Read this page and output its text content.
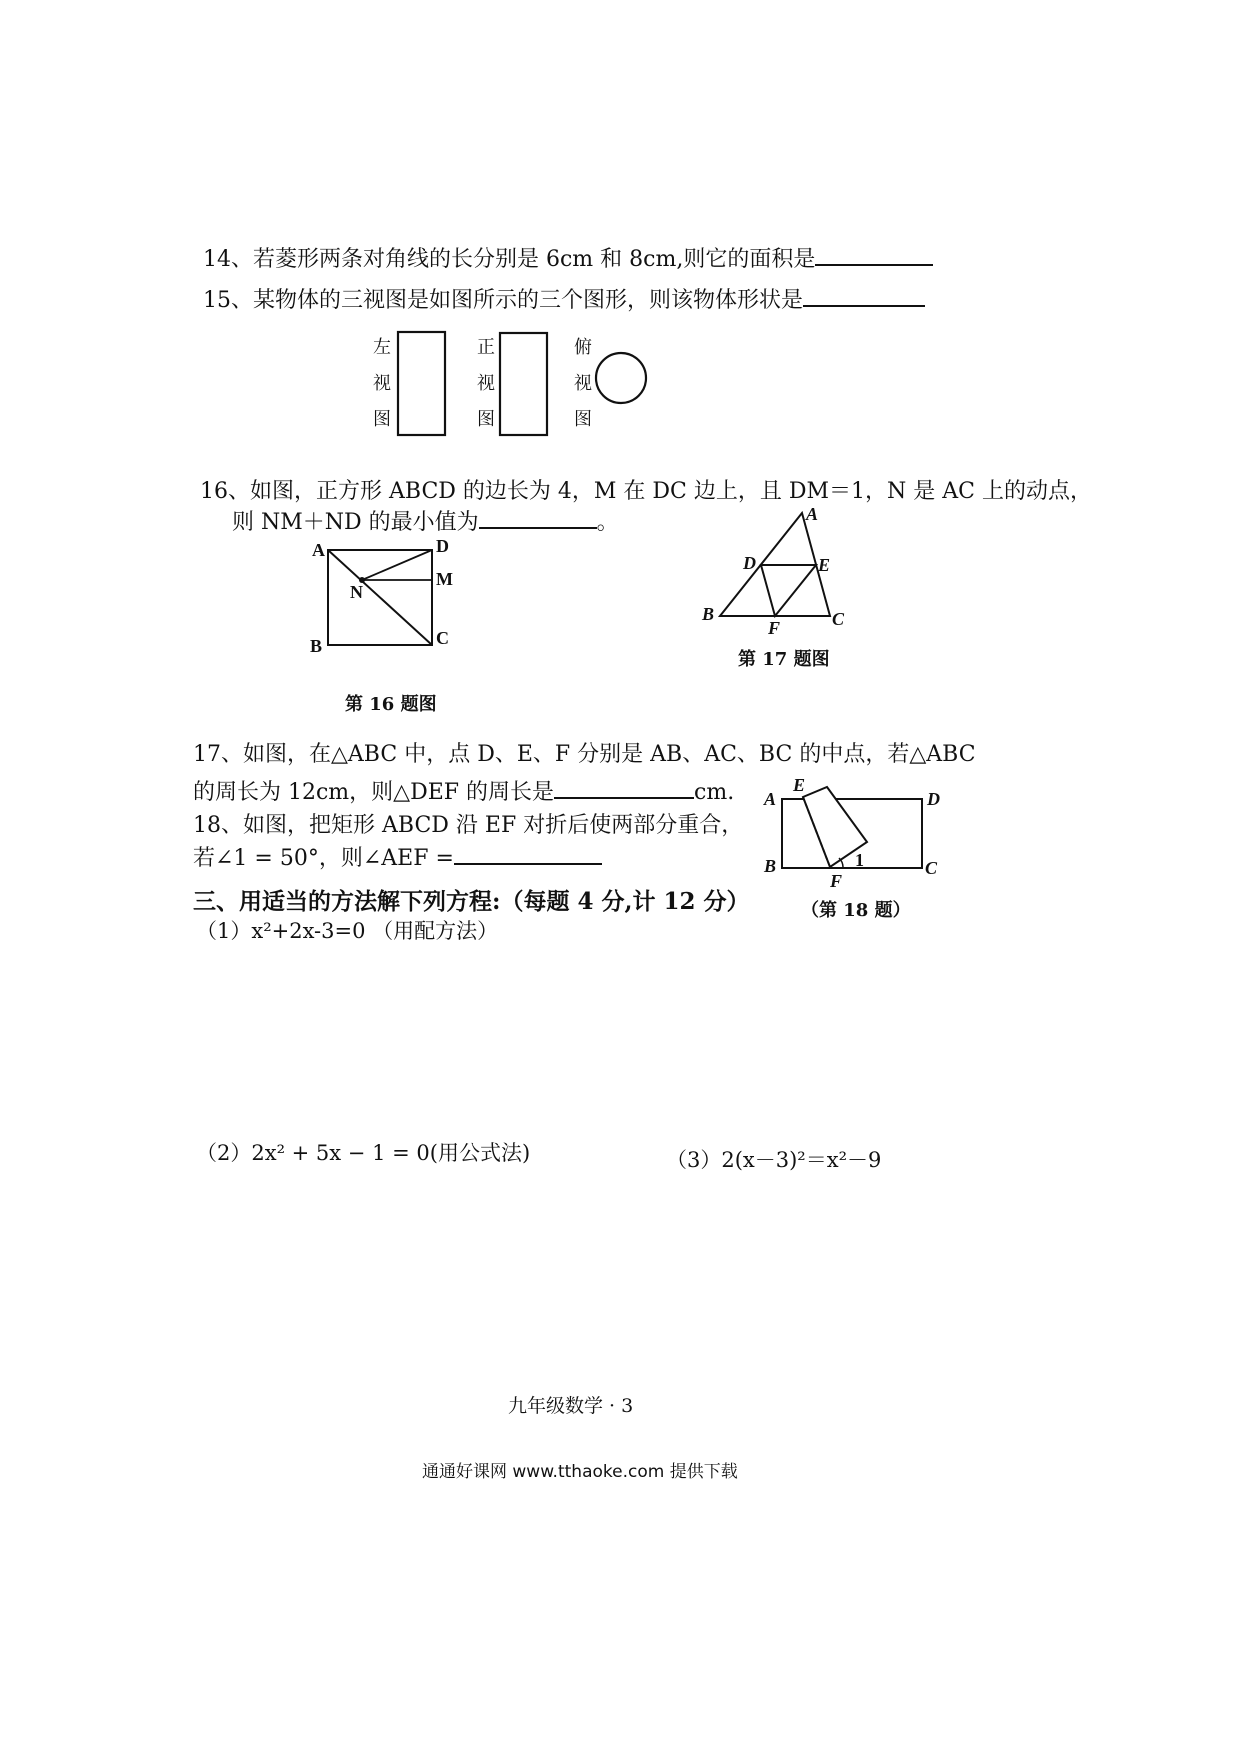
14、若菱形两条对角线的长分别是 6cm 和 8cm,则它的面积是
15、某物体的三视图是如图所示的三个图形，则该物体形状是
左
视
图
正
视
图
俯
视
图
16、如图，正方形 ABCD 的边长为 4，M 在 DC 边上，且 DM＝1，N 是 AC 上的动点，
则 NM＋ND 的最小值为	。
A	D
M
N
B	C
第 16 题图
A
D	E
B	C
F
第 17 题图
17、如图，在△ABC 中，点 D、E、F 分别是 AB、AC、BC 的中点，若△ABC
的周长为 12cm，则△DEF 的周长是	cm.
18、如图，把矩形 ABCD 沿 EF 对折后使两部分重合，
若∠1 = 50°，则∠AEF =
A
E
D
B	1	C
F
（第 18 题）
三、用适当的方法解下列方程:（每题 4 分,计 12 分）
（1）x²+2x-3=0 （用配方法）
（2）2x² + 5x − 1 = 0(用公式法)	（3）2(x－3)²＝x²－9
九年级数学 · 3
通通好课网 www.tthaoke.com 提供下载
